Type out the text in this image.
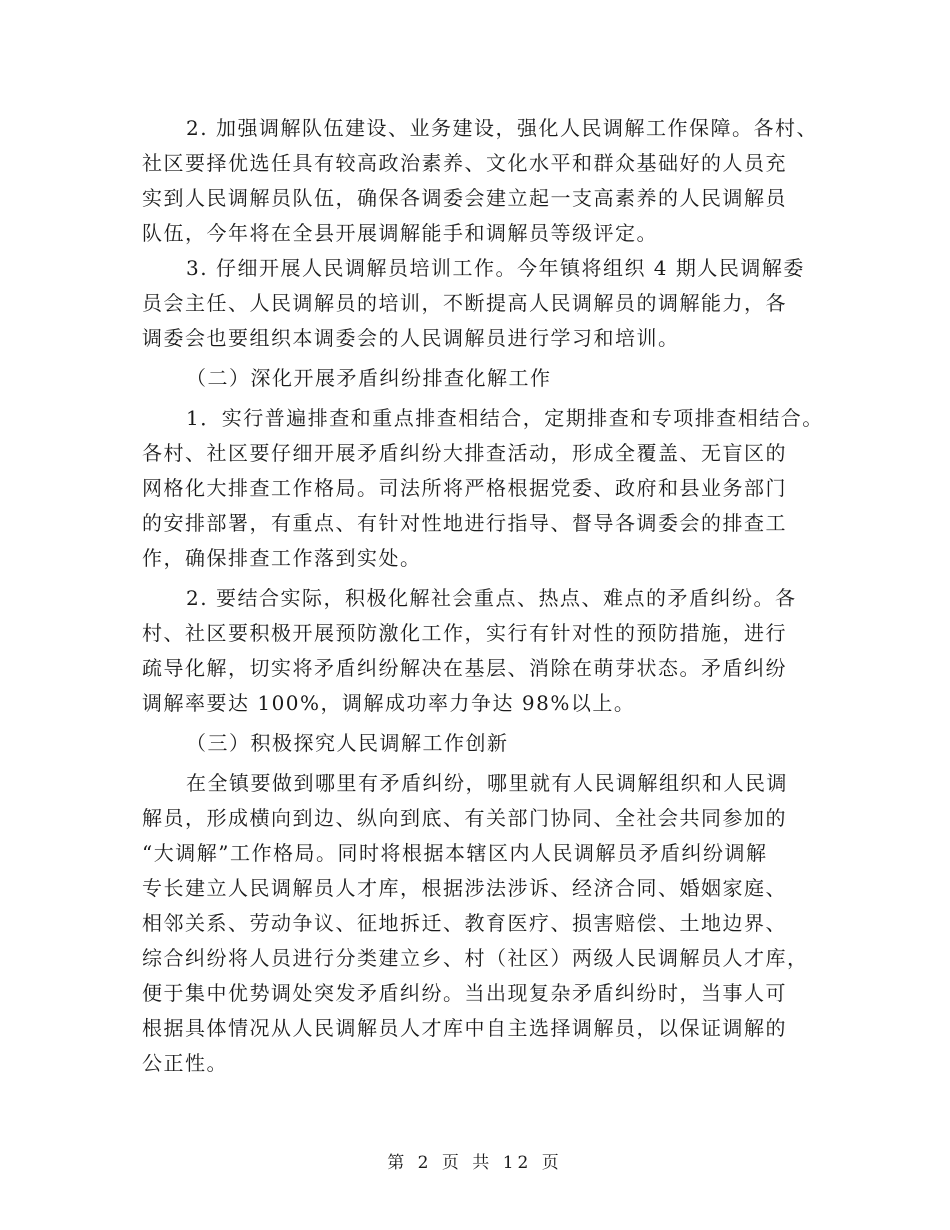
2. 加强调解队伍建设、业务建设，强化人民调解工作保障。各村、
社区要择优选任具有较高政治素养、文化水平和群众基础好的人员充
实到人民调解员队伍，确保各调委会建立起一支高素养的人民调解员
队伍，今年将在全县开展调解能手和调解员等级评定。
3. 仔细开展人民调解员培训工作。今年镇将组织 4 期人民调解委
员会主任、人民调解员的培训，不断提高人民调解员的调解能力，各
调委会也要组织本调委会的人民调解员进行学习和培训。
（二）深化开展矛盾纠纷排查化解工作
1．实行普遍排查和重点排查相结合，定期排查和专项排查相结合。
各村、社区要仔细开展矛盾纠纷大排查活动，形成全覆盖、无盲区的
网格化大排查工作格局。司法所将严格根据党委、政府和县业务部门
的安排部署，有重点、有针对性地进行指导、督导各调委会的排查工
作，确保排查工作落到实处。
2. 要结合实际，积极化解社会重点、热点、难点的矛盾纠纷。各
村、社区要积极开展预防激化工作，实行有针对性的预防措施，进行
疏导化解，切实将矛盾纠纷解决在基层、消除在萌芽状态。矛盾纠纷
调解率要达 100%，调解成功率力争达 98%以上。
（三）积极探究人民调解工作创新
在全镇要做到哪里有矛盾纠纷，哪里就有人民调解组织和人民调
解员，形成横向到边、纵向到底、有关部门协同、全社会共同参加的
“大调解”工作格局。同时将根据本辖区内人民调解员矛盾纠纷调解
专长建立人民调解员人才库，根据涉法涉诉、经济合同、婚姻家庭、
相邻关系、劳动争议、征地拆迁、教育医疗、损害赔偿、土地边界、
综合纠纷将人员进行分类建立乡、村（社区）两级人民调解员人才库，
便于集中优势调处突发矛盾纠纷。当出现复杂矛盾纠纷时，当事人可
根据具体情况从人民调解员人才库中自主选择调解员，以保证调解的
公正性。
第 2 页 共 12 页
